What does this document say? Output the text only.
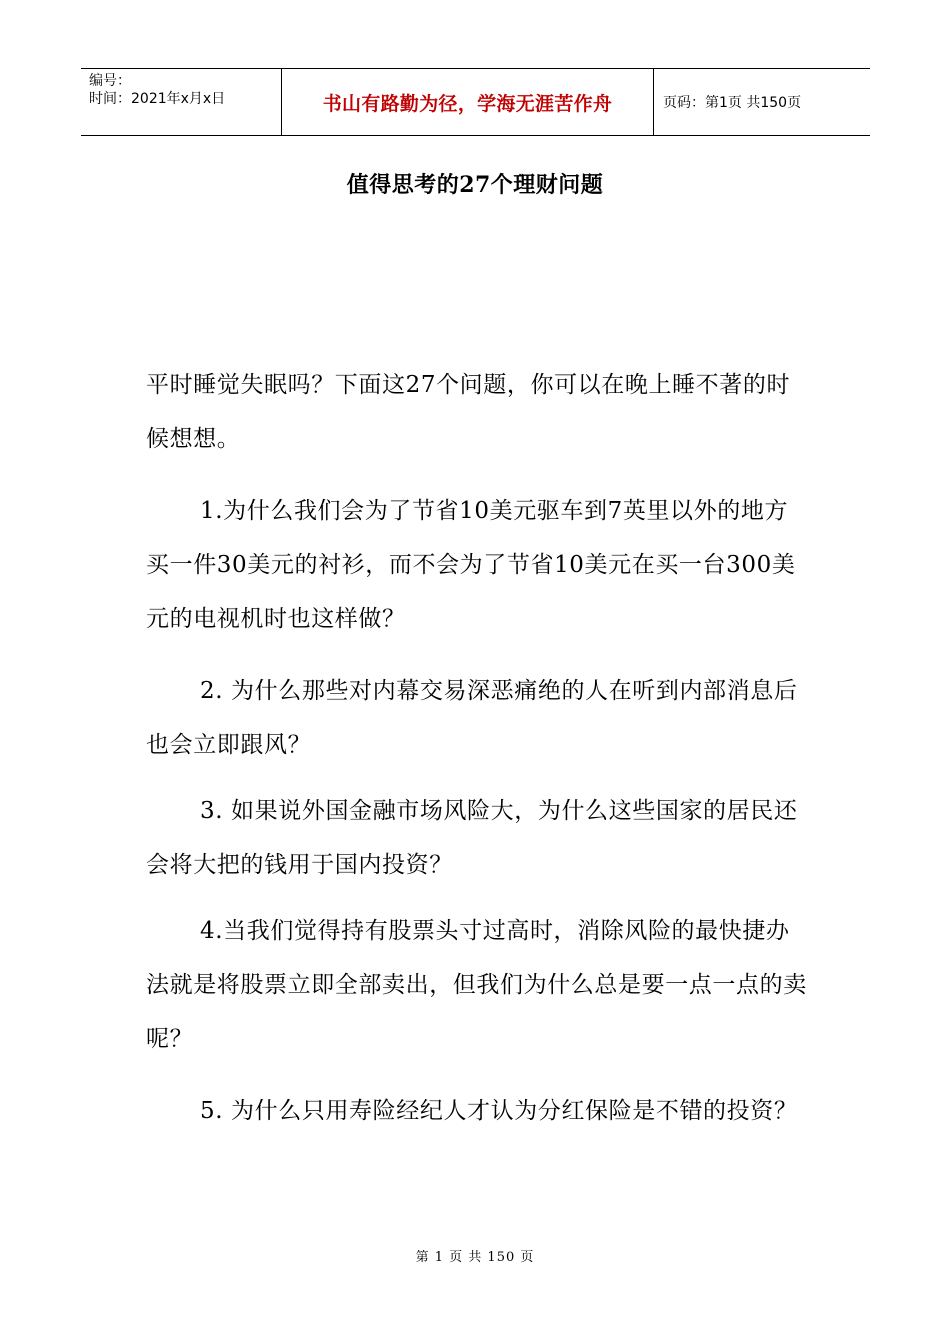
编号：
时间：2021年x月x日	书山有路勤为径，学海无涯苦作舟	页码：第1页 共150页
值得思考的27个理财问题

平时睡觉失眠吗？下面这27个问题，你可以在晚上睡不著的时候想想。

1.为什么我们会为了节省10美元驱车到7英里以外的地方买一件30美元的衬衫，而不会为了节省10美元在买一台300美元的电视机时也这样做？

2. 为什么那些对内幕交易深恶痛绝的人在听到内部消息后也会立即跟风？

3. 如果说外国金融市场风险大，为什么这些国家的居民还会将大把的钱用于国内投资？

4.当我们觉得持有股票头寸过高时，消除风险的最快捷办法就是将股票立即全部卖出，但我们为什么总是要一点一点的卖呢？

5. 为什么只用寿险经纪人才认为分红保险是不错的投资？

第 1 页 共 150 页
